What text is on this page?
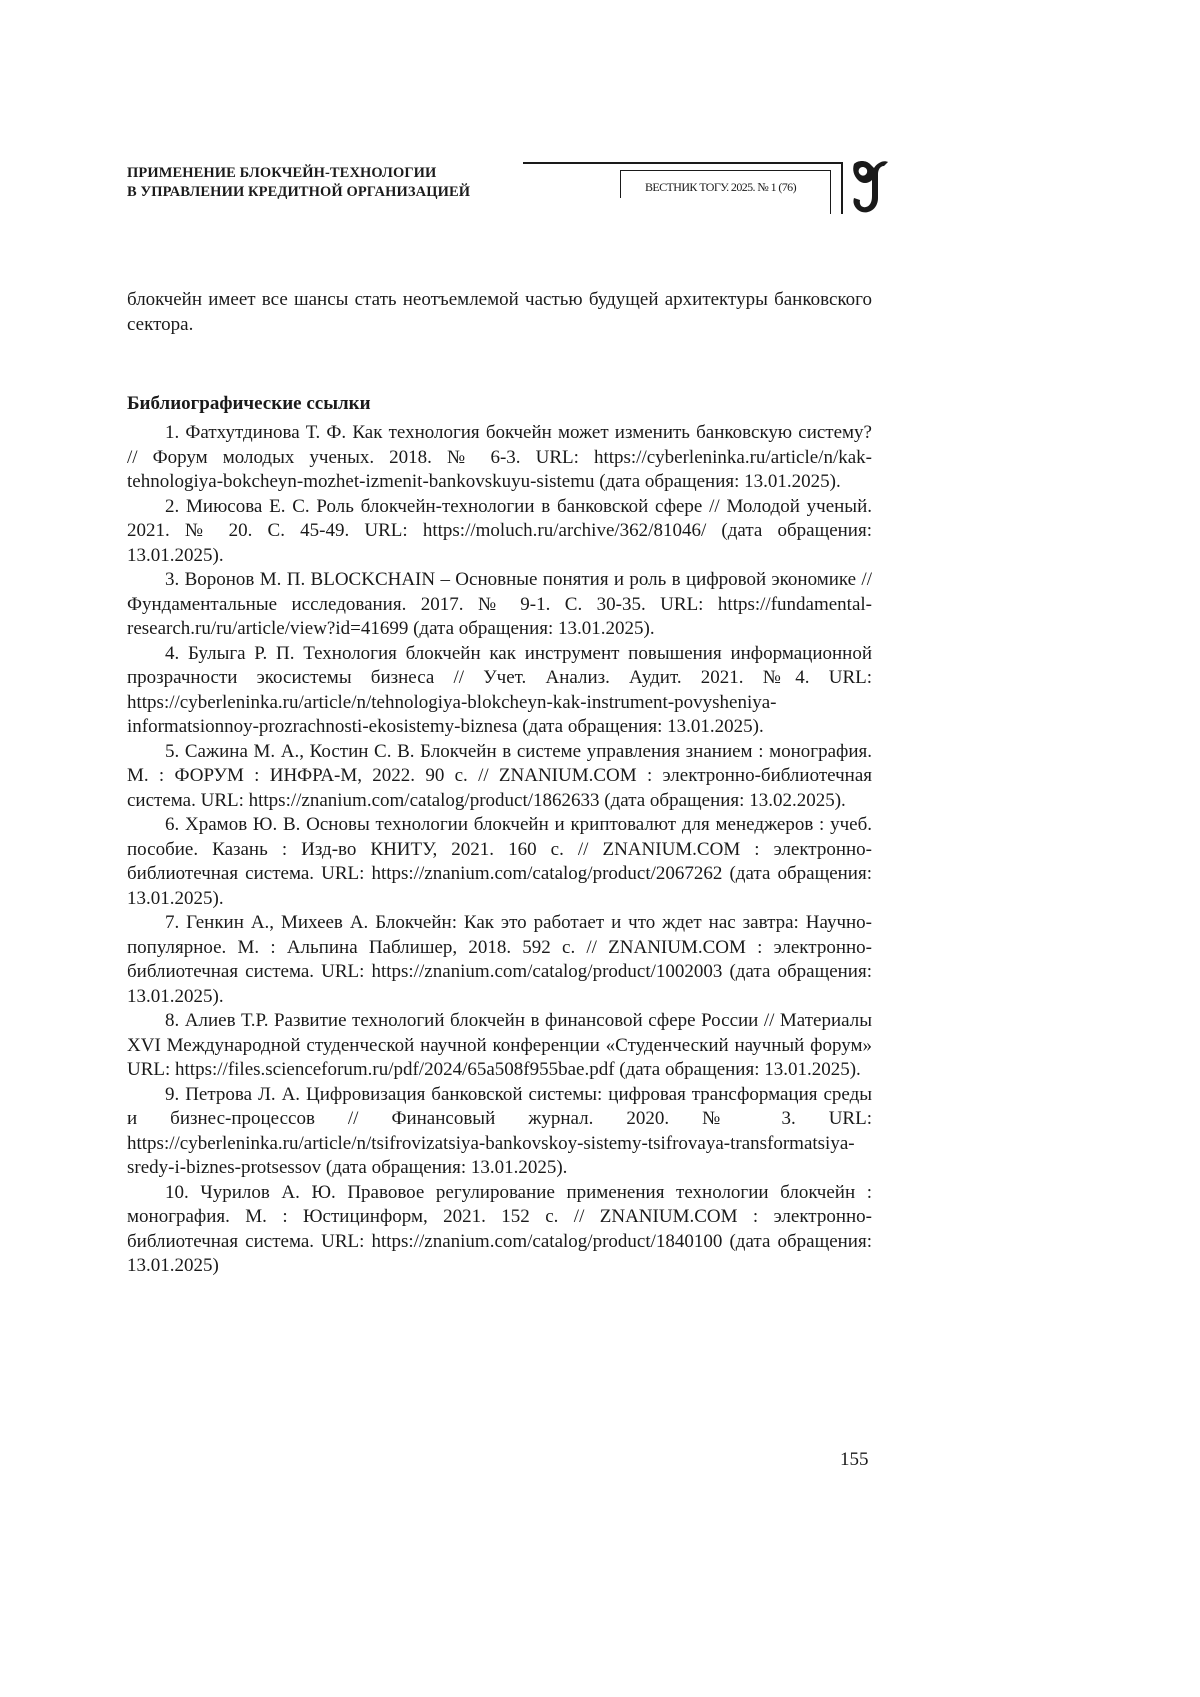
ПРИМЕНЕНИЕ БЛОКЧЕЙН-ТЕХНОЛОГИИ
В УПРАВЛЕНИИ КРЕДИТНОЙ ОРГАНИЗАЦИЕЙ	ВЕСТНИК ТОГУ. 2025. № 1 (76)

блокчейн имеет все шансы стать неотъемлемой частью будущей архитектуры банковского сектора.

Библиографические ссылки

1. Фатхутдинова Т. Ф. Как технология бокчейн может изменить банковскую систему? // Форум молодых ученых. 2018. № 6-3. URL: https://cyberleninka.ru/article/n/kak-tehnologiya-bokcheyn-mozhet-izmenit-bankovskuyu-sistemu (дата обращения: 13.01.2025).

2. Миюсова Е. С. Роль блокчейн-технологии в банковской сфере // Молодой ученый. 2021. № 20. С. 45-49. URL: https://moluch.ru/archive/362/81046/ (дата обращения: 13.01.2025).

3. Воронов М. П. BLOCKCHAIN – Основные понятия и роль в цифровой экономике // Фундаментальные исследования. 2017. № 9-1. С. 30-35. URL: https://fundamental-research.ru/ru/article/view?id=41699 (дата обращения: 13.01.2025).

4. Булыга Р. П. Технология блокчейн как инструмент повышения информационной прозрачности экосистемы бизнеса // Учет. Анализ. Аудит. 2021. №4. URL: https://cyberleninka.ru/article/n/tehnologiya-blokcheyn-kak-instrument-povysheniya-informatsionnoy-prozrachnosti-ekosistemy-biznesa (дата обращения: 13.01.2025).

5. Сажина М. А., Костин С. В. Блокчейн в системе управления знанием : монография. М. : ФОРУМ : ИНФРА-М, 2022. 90 с. // ZNANIUM.COM : электронно-библиотечная система. URL: https://znanium.com/catalog/product/1862633 (дата обращения: 13.02.2025).

6. Храмов Ю. В. Основы технологии блокчейн и криптовалют для менеджеров : учеб. пособие. Казань : Изд-во КНИТУ, 2021. 160 с. // ZNANIUM.COM : электронно-библиотечная система. URL: https://znanium.com/catalog/product/2067262 (дата обращения: 13.01.2025).

7. Генкин А., Михеев А. Блокчейн: Как это работает и что ждет нас завтра: Научно-популярное. М. : Альпина Паблишер, 2018. 592 с. // ZNANIUM.COM : электронно-библиотечная система. URL: https://znanium.com/catalog/product/1002003 (дата обращения: 13.01.2025).

8. Алиев Т.Р. Развитие технологий блокчейн в финансовой сфере России // Материалы XVI Международной студенческой научной конференции «Студенческий научный форум» URL: https://files.scienceforum.ru/pdf/2024/65a508f955bae.pdf (дата обращения: 13.01.2025).

9. Петрова Л. А. Цифровизация банковской системы: цифровая трансформация среды и бизнес-процессов // Финансовый журнал. 2020. № 3. URL: https://cyberleninka.ru/article/n/tsifrovizatsiya-bankovskoy-sistemy-tsifrovaya-transformatsiya-sredy-i-biznes-protsessov (дата обращения: 13.01.2025).

10. Чурилов А. Ю. Правовое регулирование применения технологии блокчейн : монография. М. : Юстицинформ, 2021. 152 с. // ZNANIUM.COM : электронно-библиотечная система. URL: https://znanium.com/catalog/product/1840100 (дата обращения: 13.01.2025)

155
